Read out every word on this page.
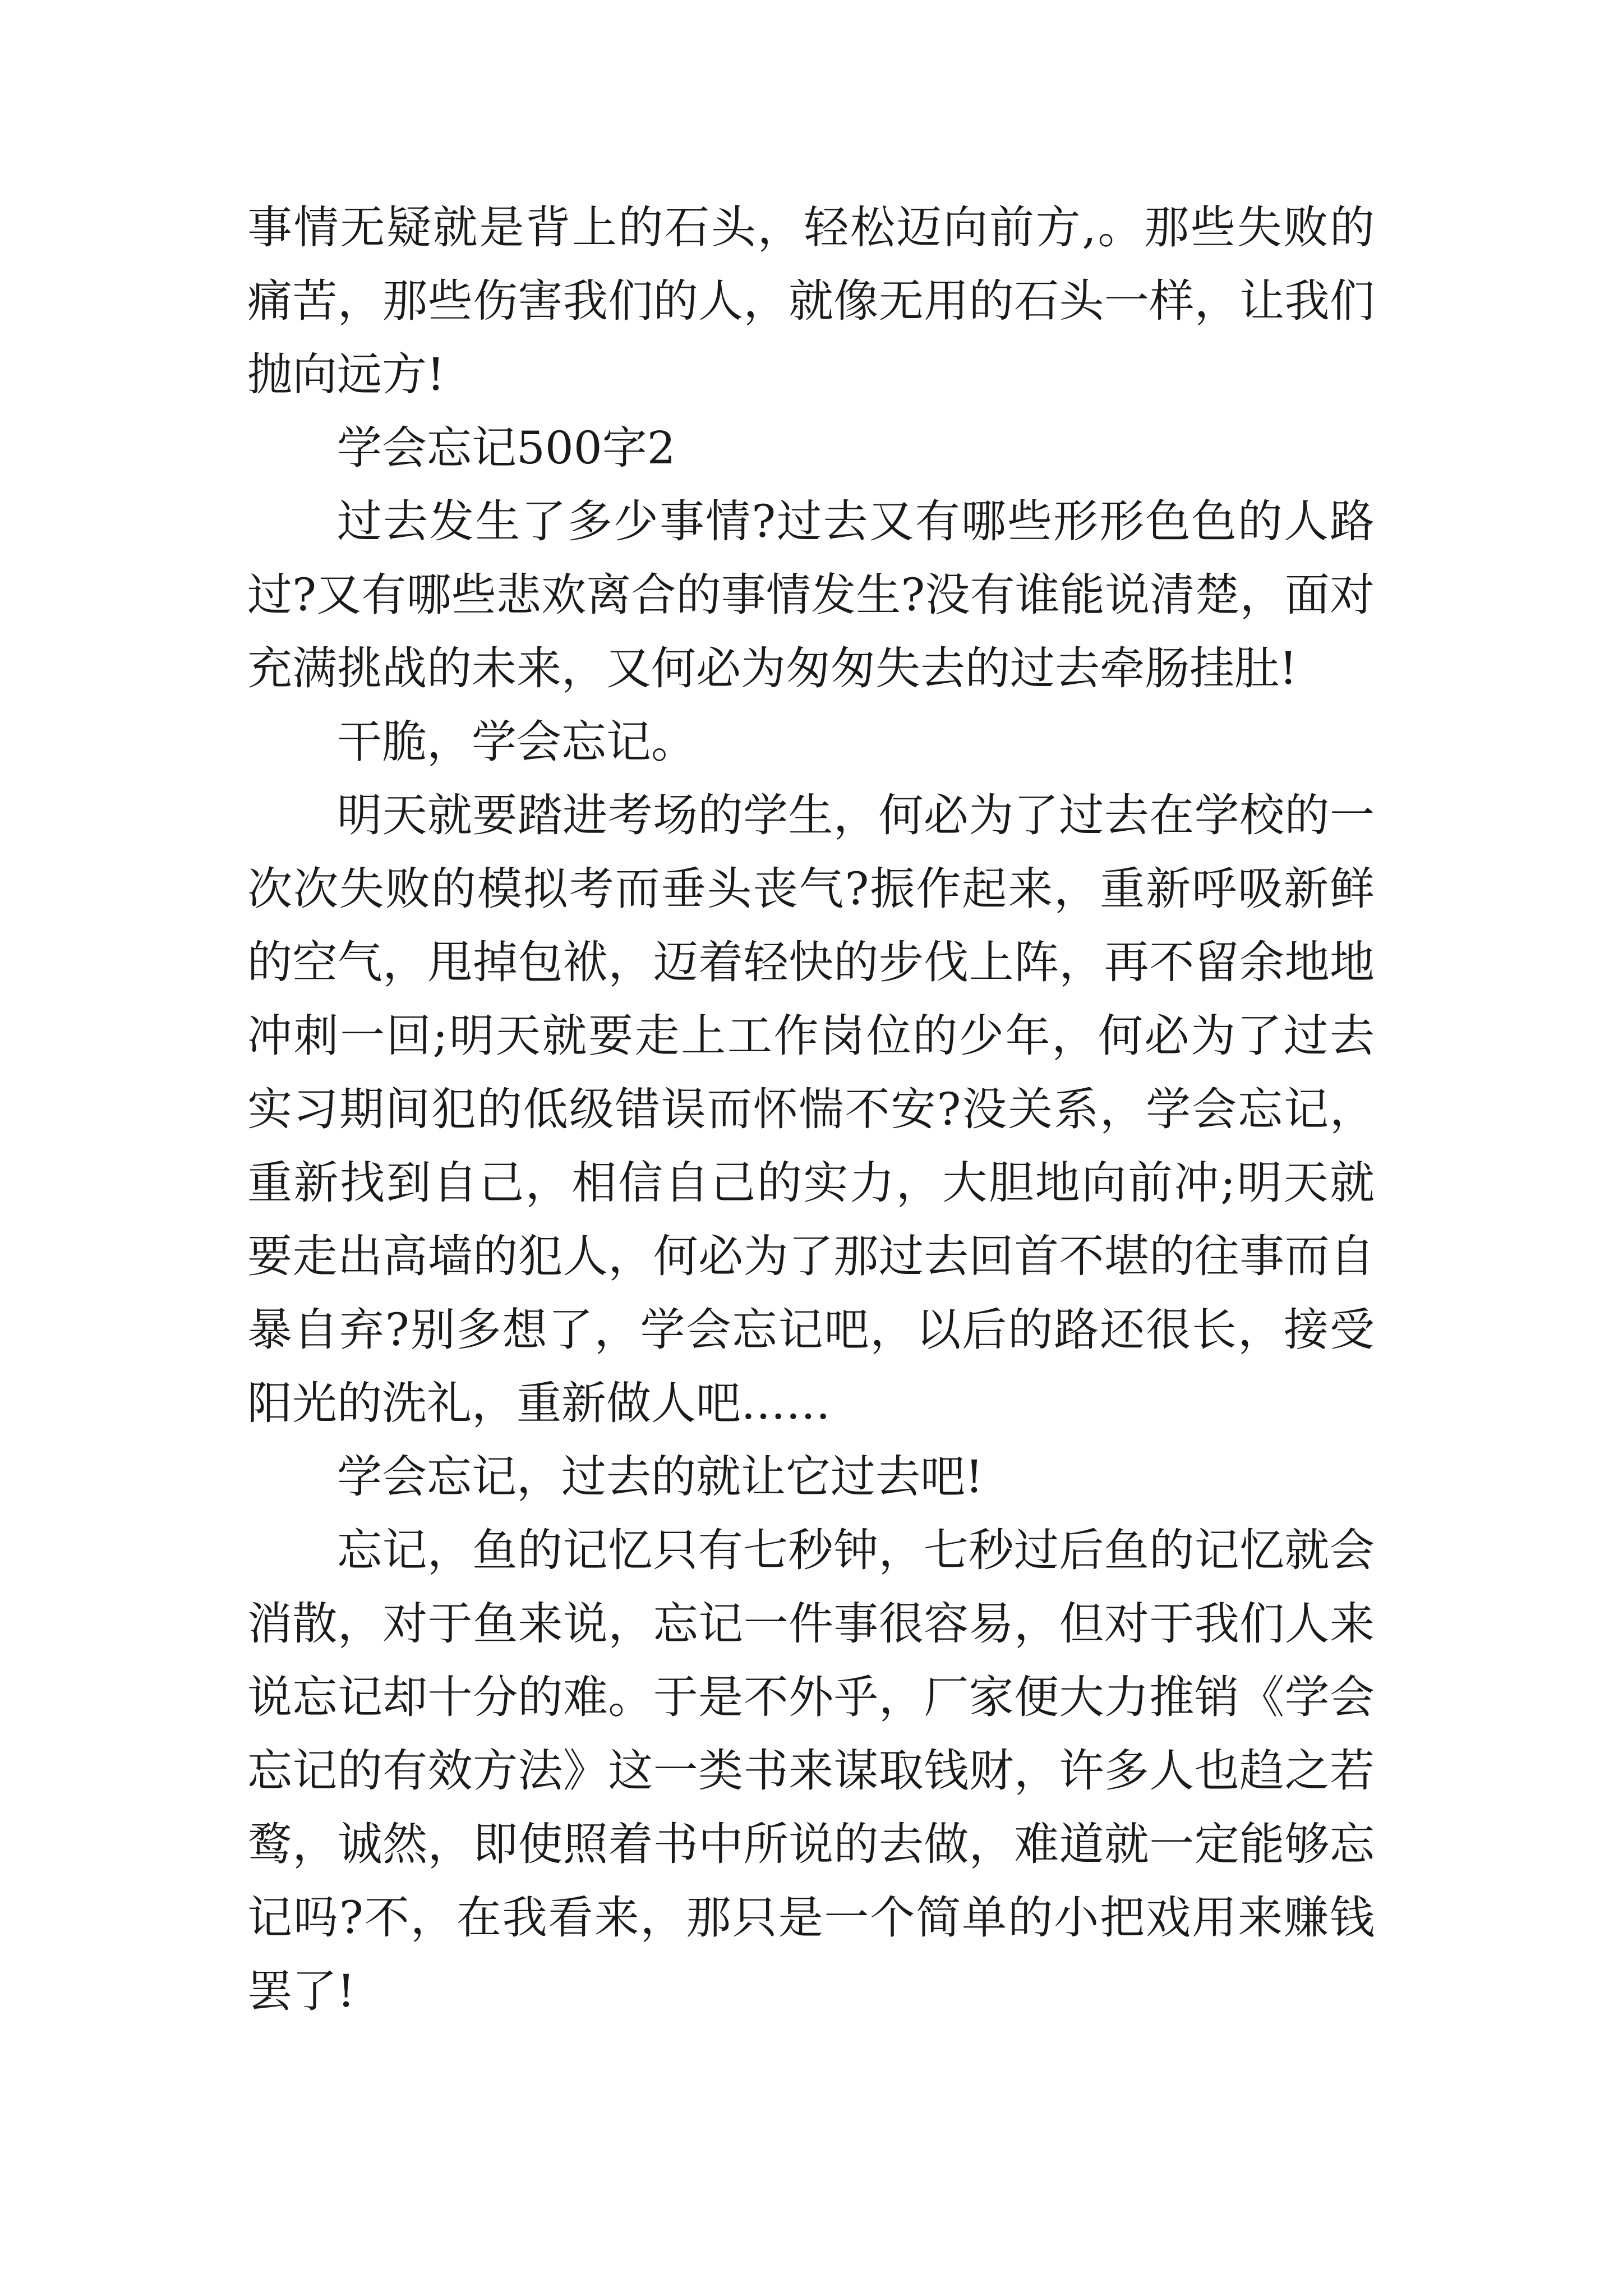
事情无疑就是背上的石头，轻松迈向前方,。那些失败的痛苦，那些伤害我们的人，就像无用的石头一样，让我们抛向远方!

学会忘记500字2

过去发生了多少事情?过去又有哪些形形色色的人路过?又有哪些悲欢离合的事情发生?没有谁能说清楚，面对充满挑战的未来，又何必为匆匆失去的过去牵肠挂肚!

干脆，学会忘记。

明天就要踏进考场的学生，何必为了过去在学校的一次次失败的模拟考而垂头丧气?振作起来，重新呼吸新鲜的空气，甩掉包袱，迈着轻快的步伐上阵，再不留余地地冲刺一回;明天就要走上工作岗位的少年，何必为了过去实习期间犯的低级错误而怀惴不安?没关系，学会忘记，重新找到自己，相信自己的实力，大胆地向前冲;明天就要走出高墙的犯人，何必为了那过去回首不堪的往事而自暴自弃?别多想了，学会忘记吧，以后的路还很长，接受阳光的洗礼，重新做人吧……

学会忘记，过去的就让它过去吧!

忘记，鱼的记忆只有七秒钟，七秒过后鱼的记忆就会消散，对于鱼来说，忘记一件事很容易，但对于我们人来说忘记却十分的难。于是不外乎，厂家便大力推销《学会忘记的有效方法》这一类书来谋取钱财，许多人也趋之若鹜，诚然，即使照着书中所说的去做，难道就一定能够忘记吗?不，在我看来，那只是一个简单的小把戏用来赚钱罢了!
